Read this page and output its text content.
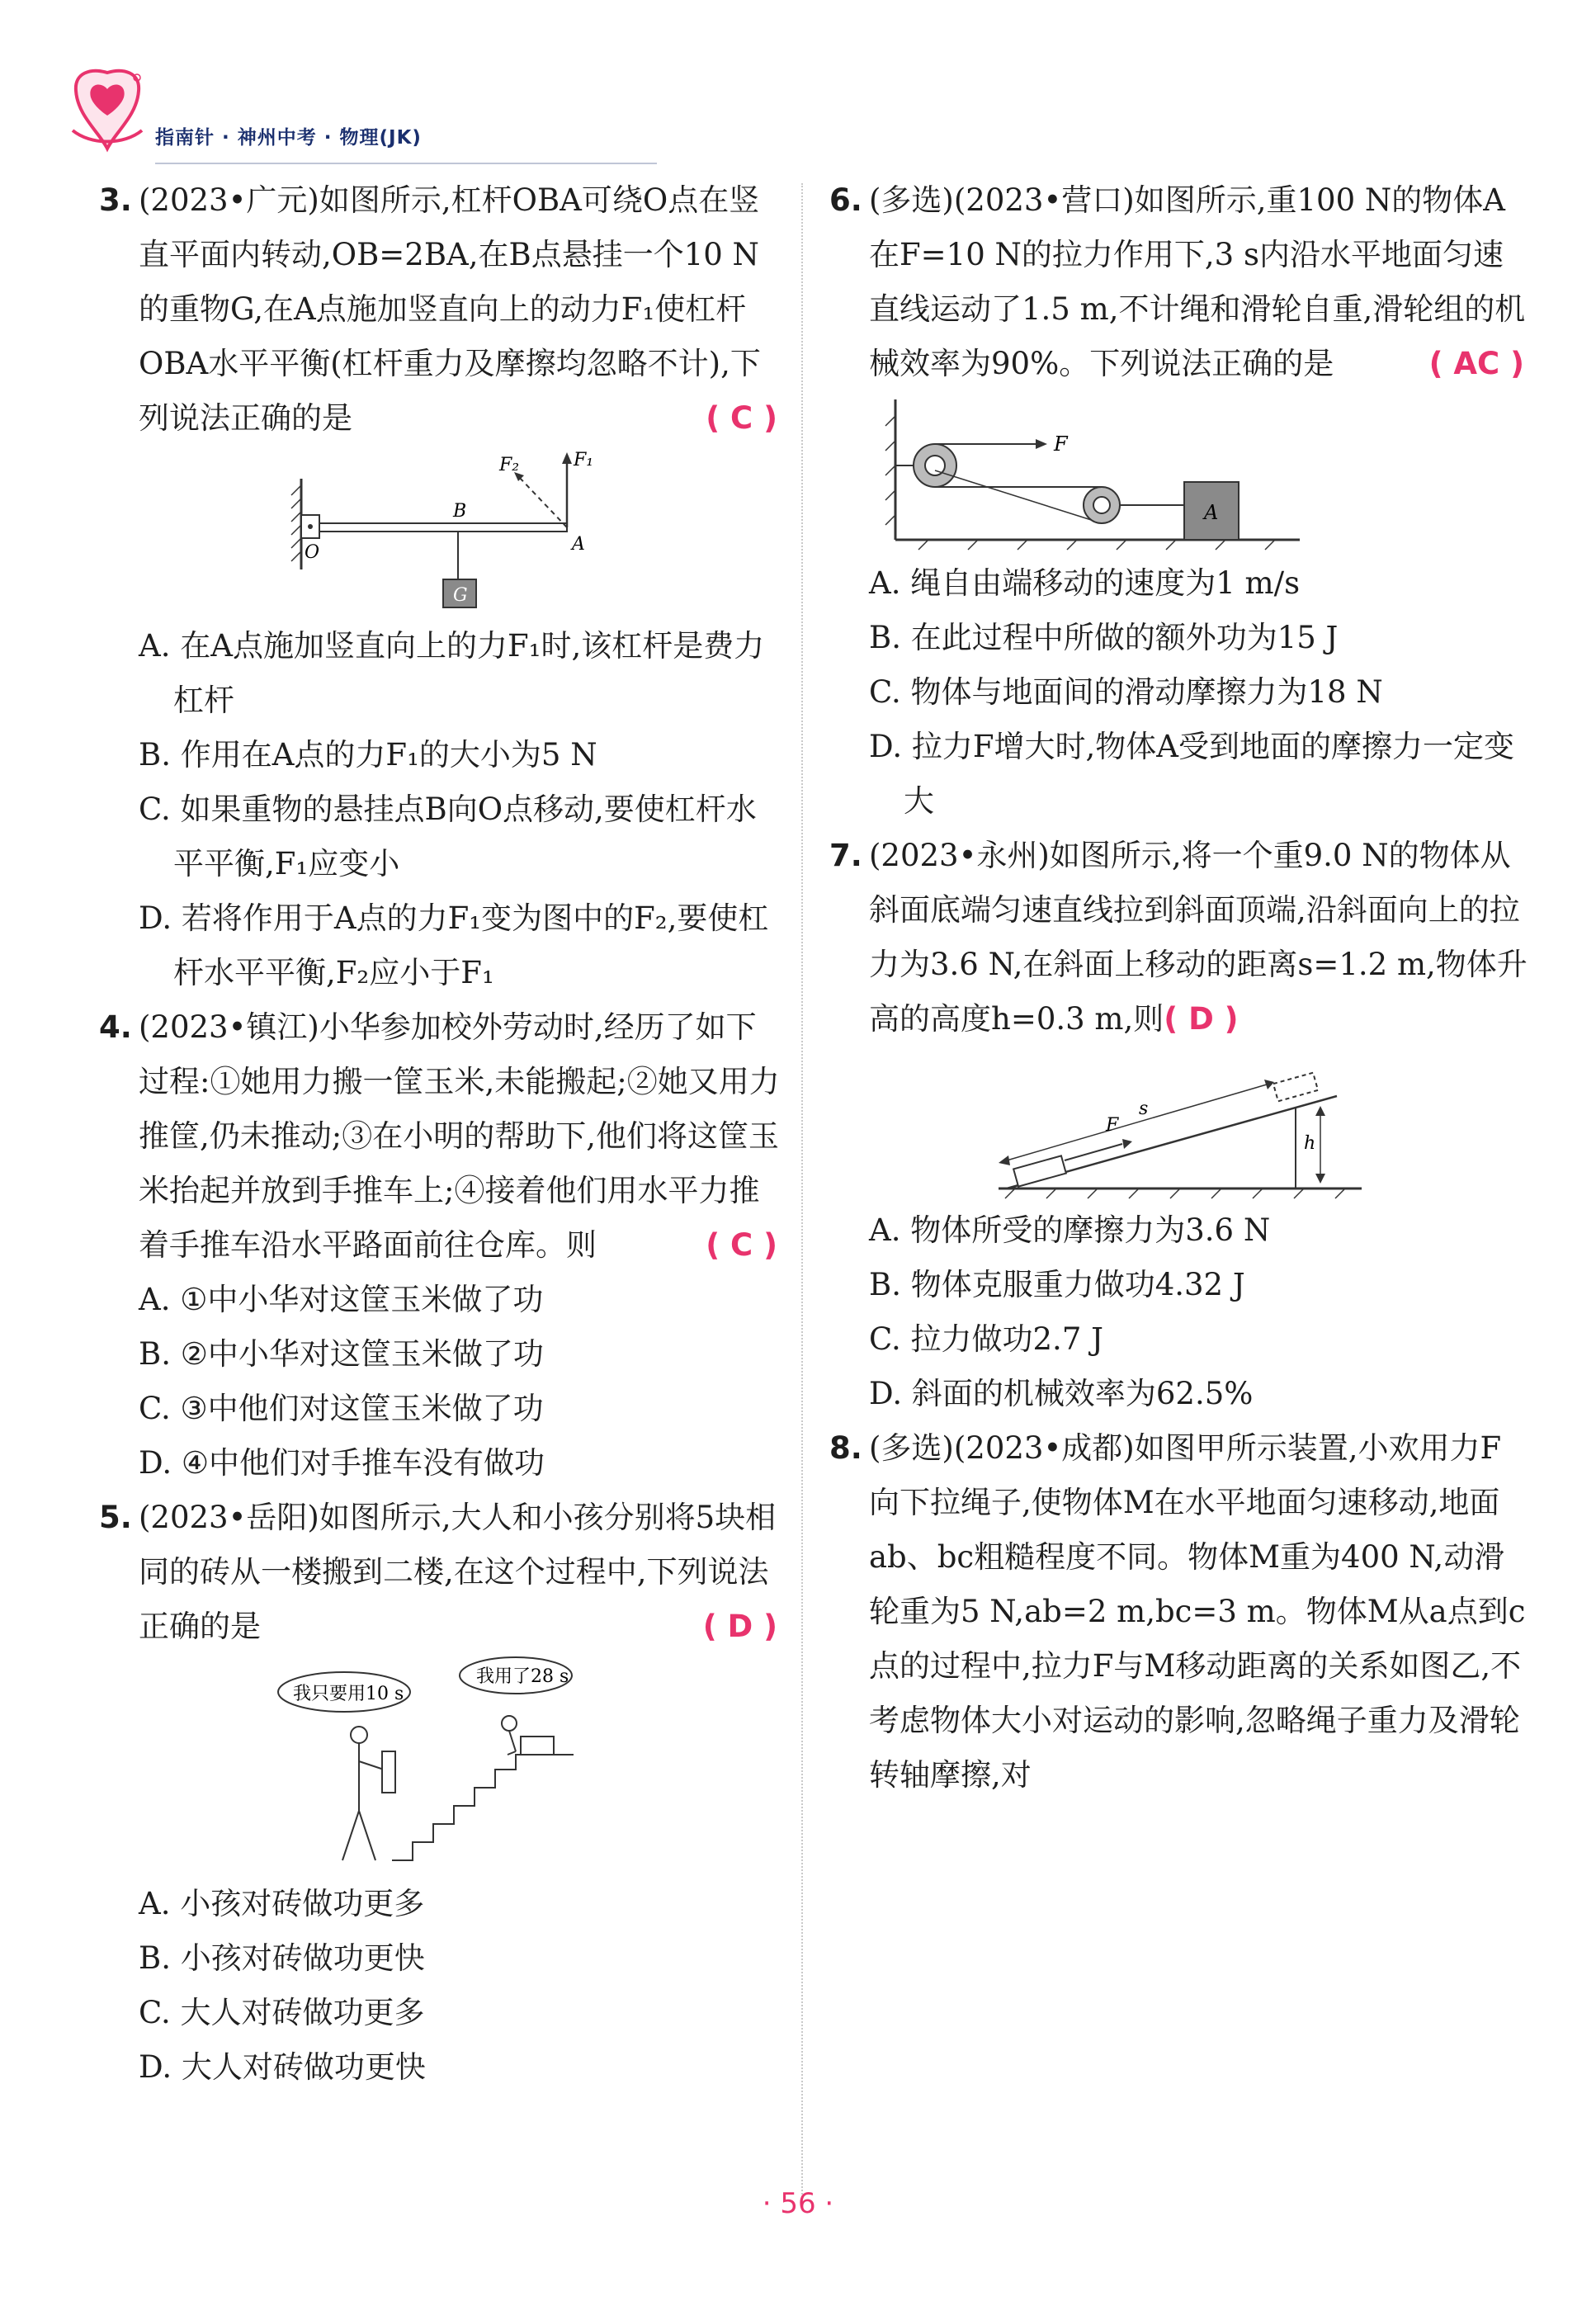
指南针 · 神州中考 · 物理(JK)
3. (2023•广元)如图所示,杠杆OBA可绕O点在竖直平面内转动,OB=2BA,在B点悬挂一个10 N的重物G,在A点施加竖直向上的动力F₁使杠杆OBA水平平衡(杠杆重力及摩擦均忽略不计),下列说法正确的是	( C )
F₂	F₁
B
O	A
G
A. 在A点施加竖直向上的力F₁时,该杠杆是费力杠杆
B. 作用在A点的力F₁的大小为5 N
C. 如果重物的悬挂点B向O点移动,要使杠杆水平平衡,F₁应变小
D. 若将作用于A点的力F₁变为图中的F₂,要使杠杆水平平衡,F₂应小于F₁
4. (2023•镇江)小华参加校外劳动时,经历了如下过程:①她用力搬一筐玉米,未能搬起;②她又用力推筐,仍未推动;③在小明的帮助下,他们将这筐玉米抬起并放到手推车上;④接着他们用水平力推着手推车沿水平路面前往仓库。则	( C )
A. ①中小华对这筐玉米做了功
B. ②中小华对这筐玉米做了功
C. ③中他们对这筐玉米做了功
D. ④中他们对手推车没有做功
5. (2023•岳阳)如图所示,大人和小孩分别将5块相同的砖从一楼搬到二楼,在这个过程中,下列说法正确的是	( D )
我只要用10 s
我用了28 s
A. 小孩对砖做功更多
B. 小孩对砖做功更快
C. 大人对砖做功更多
D. 大人对砖做功更快
6. (多选)(2023•营口)如图所示,重100 N的物体A在F=10 N的拉力作用下,3 s内沿水平地面匀速直线运动了1.5 m,不计绳和滑轮自重,滑轮组的机械效率为90%。下列说法正确的是	( AC )
F
A
A. 绳自由端移动的速度为1 m/s
B. 在此过程中所做的额外功为15 J
C. 物体与地面间的滑动摩擦力为18 N
D. 拉力F增大时,物体A受到地面的摩擦力一定变大
7. (2023•永州)如图所示,将一个重9.0 N的物体从斜面底端匀速直线拉到斜面顶端,沿斜面向上的拉力为3.6 N,在斜面上移动的距离s=1.2 m,物体升高的高度h=0.3 m,则( D )
s
F
h
A. 物体所受的摩擦力为3.6 N
B. 物体克服重力做功4.32 J
C. 拉力做功2.7 J
D. 斜面的机械效率为62.5%
8. (多选)(2023•成都)如图甲所示装置,小欢用力F向下拉绳子,使物体M在水平地面匀速移动,地面ab、bc粗糙程度不同。物体M重为400 N,动滑轮重为5 N,ab=2 m,bc=3 m。物体M从a点到c点的过程中,拉力F与M移动距离的关系如图乙,不考虑物体大小对运动的影响,忽略绳子重力及滑轮转轴摩擦,对
· 56 ·
